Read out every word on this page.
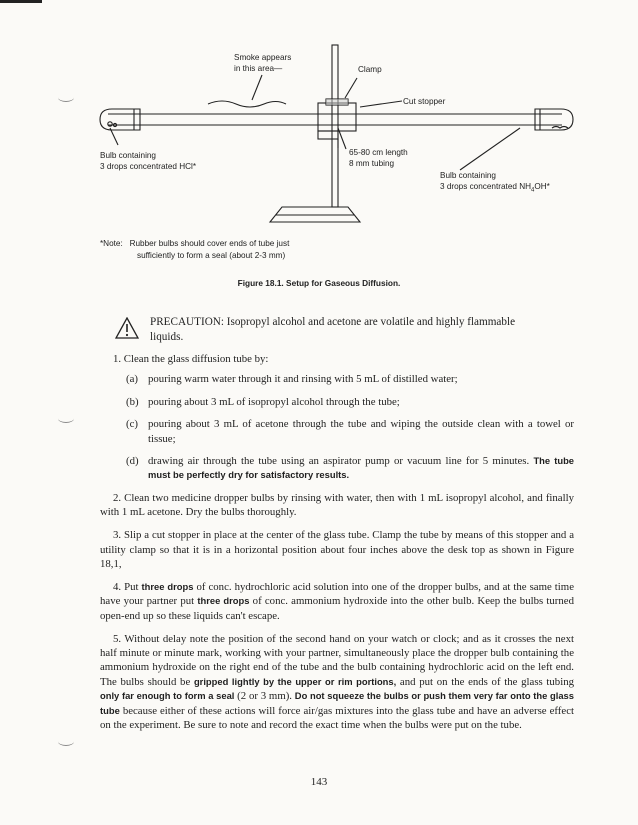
Smoke appears
in this area—	Clamp
Cut stopper
65-80 cm length
8 mm tubing
Bulb containing
3 drops concentrated HCl*
Bulb containing
3 drops concentrated $NH_4OH*$
*Note: Rubber bulbs should cover ends of tube just
sufficiently to form a seal (about 2-3 mm)
Figure 18.1. Setup for Gaseous Diffusion.
PRECAUTION: Isopropyl alcohol and acetone are volatile and highly flammable liquids.

1. Clean the glass diffusion tube by:

(a) pouring warm water through it and rinsing with 5 mL of distilled water;

(b) pouring about 3 mL of isopropyl alcohol through the tube;

(c) pouring about 3 mL of acetone through the tube and wiping the outside clean with a towel or tissue;

(d) drawing air through the tube using an aspirator pump or vacuum line for 5 minutes. The tube must be perfectly dry for satisfactory results.

2. Clean two medicine dropper bulbs by rinsing with water, then with 1 mL isopropyl alcohol, and finally with 1 mL acetone. Dry the bulbs thoroughly.

3. Slip a cut stopper in place at the center of the glass tube. Clamp the tube by means of this stopper and a utility clamp so that it is in a horizontal position about four inches above the desk top as shown in Figure 18,1,

4. Put three drops of conc. hydrochloric acid solution into one of the dropper bulbs, and at the same time have your partner put three drops of conc. ammonium hydroxide into the other bulb. Keep the bulbs turned open-end up so these liquids can't escape.

5. Without delay note the position of the second hand on your watch or clock; and as it crosses the next half minute or minute mark, working with your partner, simultaneously place the dropper bulb containing the ammonium hydroxide on the right end of the tube and the bulb containing hydrochloric acid on the left end. The bulbs should be gripped lightly by the upper or rim portions, and put on the ends of the glass tubing only far enough to form a seal (2 or 3 mm). Do not squeeze the bulbs or push them very far onto the glass tube because either of these actions will force air/gas mixtures into the glass tube and have an adverse effect on the experiment. Be sure to note and record the exact time when the bulbs were put on the tube.

143
